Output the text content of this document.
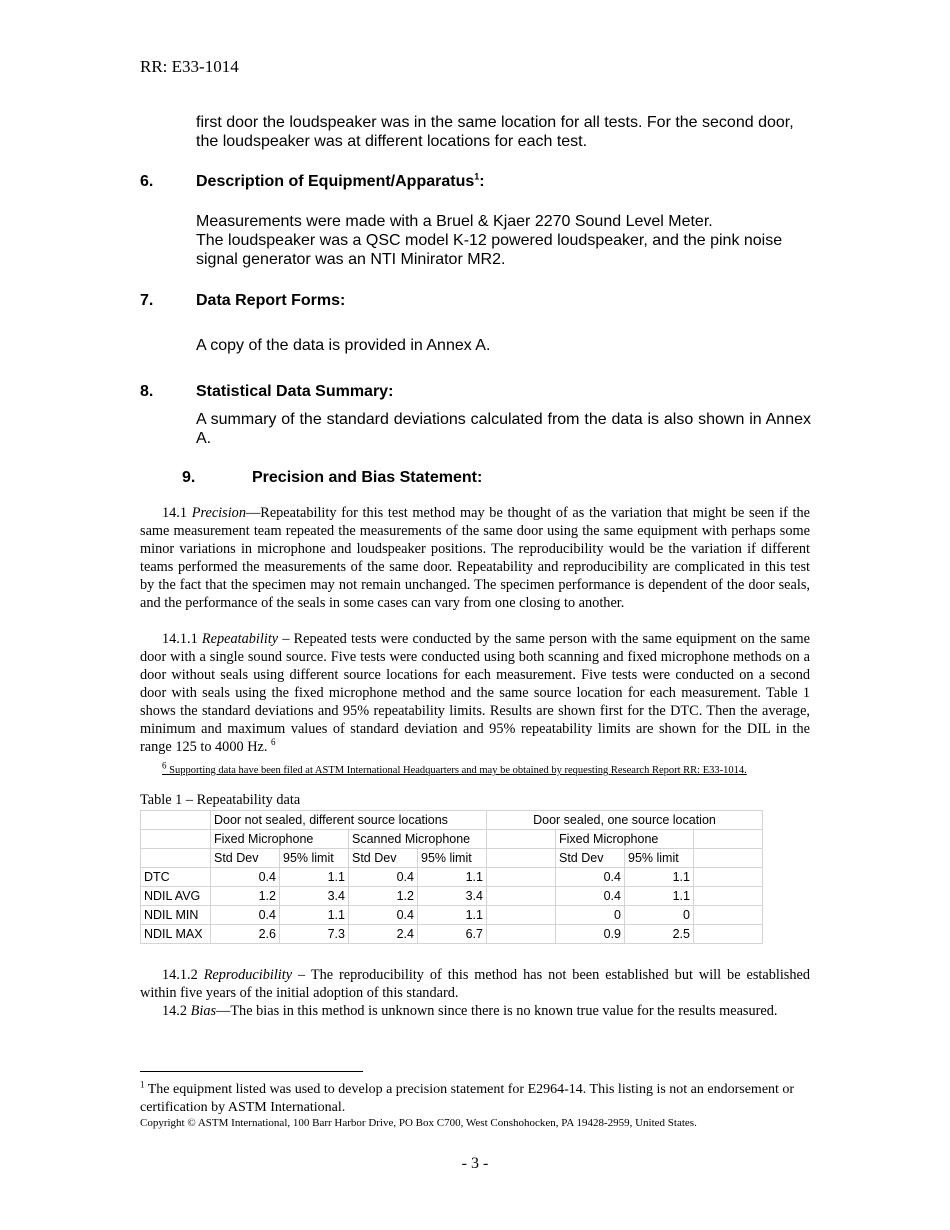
RR: E33-1014
first door the loudspeaker was in the same location for all tests. For the second door, the loudspeaker was at different locations for each test.
6.	Description of Equipment/Apparatus$^1$:
Measurements were made with a Bruel & Kjaer 2270 Sound Level Meter.
The loudspeaker was a QSC model K-12 powered loudspeaker, and the pink noise signal generator was an NTI Minirator MR2.
7.	Data Report Forms:
A copy of the data is provided in Annex A.
8.	Statistical Data Summary:
A summary of the standard deviations calculated from the data is also shown in Annex A.
9.	Precision and Bias Statement:
14.1 Precision—Repeatability for this test method may be thought of as the variation that might be seen if the same measurement team repeated the measurements of the same door using the same equipment with perhaps some minor variations in microphone and loudspeaker positions. The reproducibility would be the variation if different teams performed the measurements of the same door. Repeatability and reproducibility are complicated in this test by the fact that the specimen may not remain unchanged. The specimen performance is dependent of the door seals, and the performance of the seals in some cases can vary from one closing to another.
14.1.1 Repeatability – Repeated tests were conducted by the same person with the same equipment on the same door with a single sound source. Five tests were conducted using both scanning and fixed microphone methods on a door without seals using different source locations for each measurement. Five tests were conducted on a second door with seals using the fixed microphone method and the same source location for each measurement. Table 1 shows the standard deviations and 95% repeatability limits. Results are shown first for the DTC. Then the average, minimum and maximum values of standard deviation and 95% repeatability limits are shown for the DIL in the range 125 to 4000 Hz. $^6$
$^6$ Supporting data have been filed at ASTM International Headquarters and may be obtained by requesting Research Report RR: E33-1014.
Table 1 – Repeatability data
	Door not sealed, different source locations				Door sealed, one source location			
	Fixed Microphone		Scanned Microphone			Fixed Microphone		
	Std Dev	95% limit	Std Dev	95% limit		Std Dev	95% limit	
DTC	0.4	1.1	0.4	1.1		0.4	1.1	
NDIL AVG	1.2	3.4	1.2	3.4		0.4	1.1	
NDIL MIN	0.4	1.1	0.4	1.1		0	0	
NDIL MAX	2.6	7.3	2.4	6.7		0.9	2.5	
14.1.2 Reproducibility – The reproducibility of this method has not been established but will be established within five years of the initial adoption of this standard.
14.2 Bias—The bias in this method is unknown since there is no known true value for the results measured.
$^1$ The equipment listed was used to develop a precision statement for E2964-14. This listing is not an endorsement or certification by ASTM International.
Copyright © ASTM International, 100 Barr Harbor Drive, PO Box C700, West Conshohocken, PA 19428-2959, United States.
- 3 -
